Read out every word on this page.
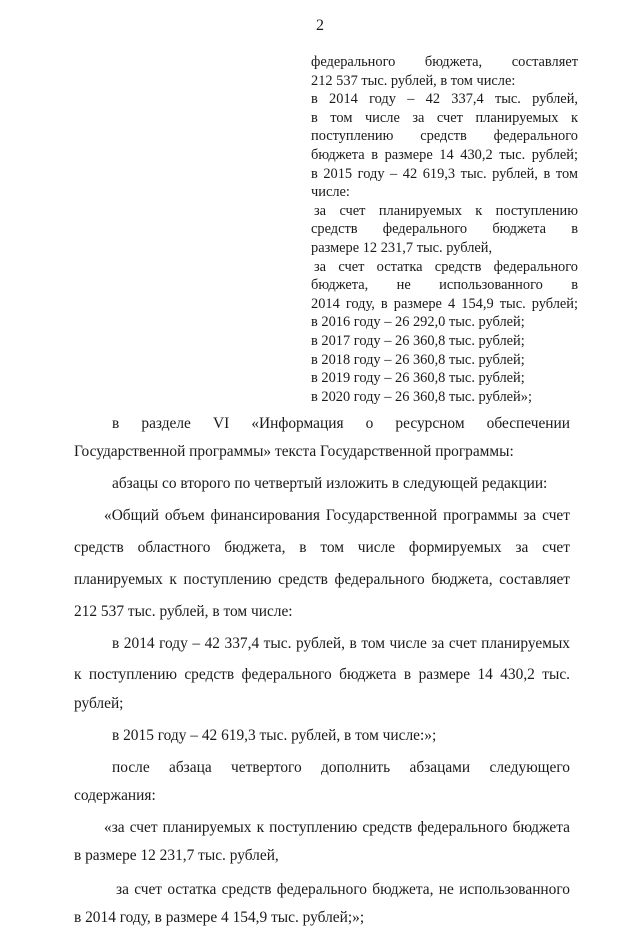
2

федерального бюджета, составляет

212 537 тыс. рублей, в том числе:

в 2014 году – 42 337,4 тыс. рублей,

в том числе за счет планируемых к

поступлению средств федерального

бюджета в размере 14 430,2 тыс. рублей;

в 2015 году – 42 619,3 тыс. рублей, в том

числе:

за счет планируемых к поступлению

средств федерального бюджета в

размере 12 231,7 тыс. рублей,

за счет остатка средств федерального

бюджета, не использованного в

2014 году, в размере 4 154,9 тыс. рублей;

в 2016 году – 26 292,0 тыс. рублей;

в 2017 году – 26 360,8 тыс. рублей;

в 2018 году – 26 360,8 тыс. рублей;

в 2019 году – 26 360,8 тыс. рублей;

в 2020 году – 26 360,8 тыс. рублей»;

в разделе VI «Информация о ресурсном обеспечении

Государственной программы» текста Государственной программы:

абзацы со второго по четвертый изложить в следующей редакции:

«Общий объем финансирования Государственной программы за счет

средств областного бюджета, в том числе формируемых за счет

планируемых к поступлению средств федерального бюджета, составляет

212 537 тыс. рублей, в том числе:

в 2014 году – 42 337,4 тыс. рублей, в том числе за счет планируемых

к поступлению средств федерального бюджета в размере 14 430,2 тыс.

рублей;

в 2015 году – 42 619,3 тыс. рублей, в том числе:»;

после абзаца четвертого дополнить абзацами следующего

содержания:

«за счет планируемых к поступлению средств федерального бюджета

в размере 12 231,7 тыс. рублей,

за счет остатка средств федерального бюджета, не использованного

в 2014 году, в размере 4 154,9 тыс. рублей;»;
